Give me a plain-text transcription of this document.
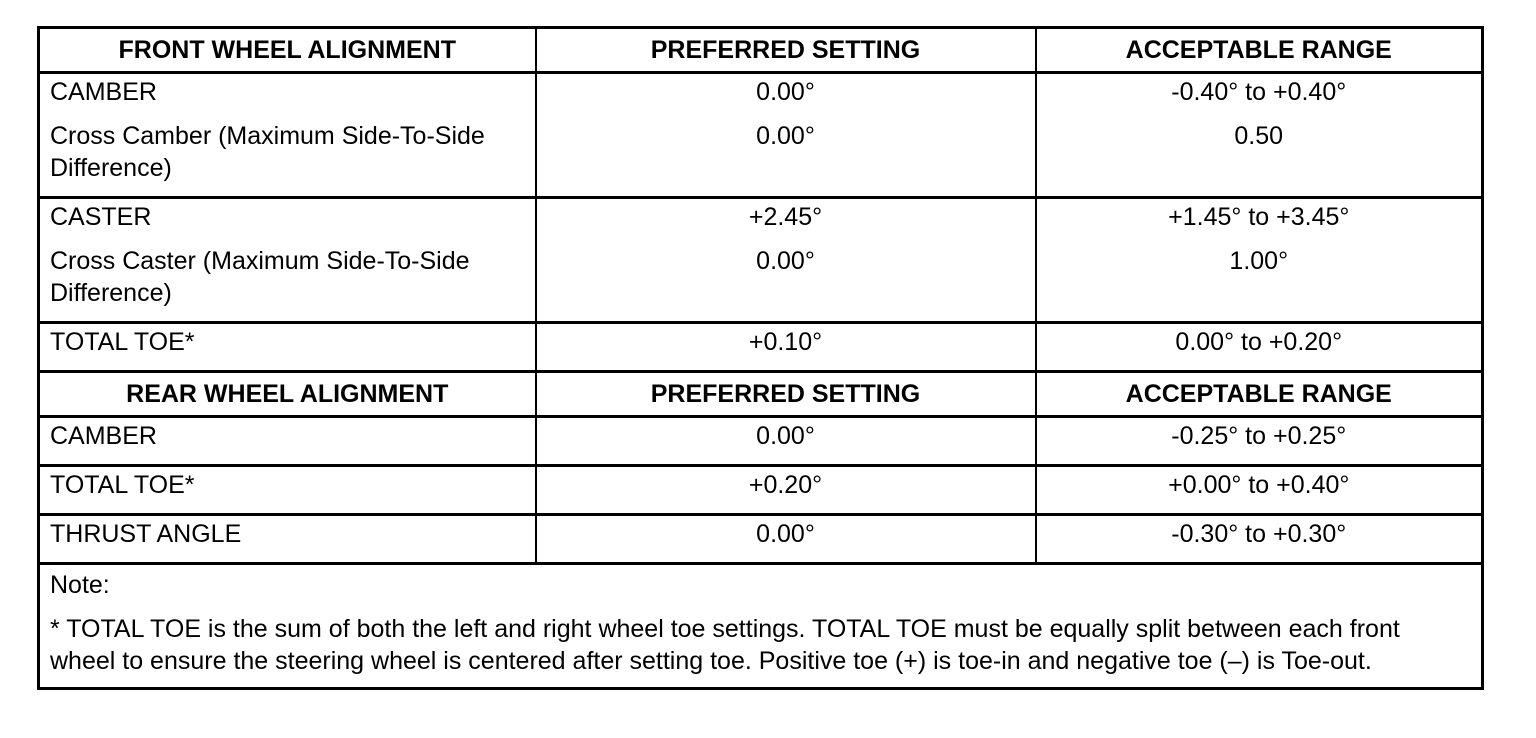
FRONT WHEEL ALIGNMENT	PREFERRED SETTING	ACCEPTABLE RANGE
CAMBER	0.00°	-0.40° to +0.40°
Cross Camber (Maximum Side-To-Side Difference)	0.00°	0.50
CASTER	+2.45°	+1.45° to +3.45°
Cross Caster (Maximum Side-To-Side Difference)	0.00°	1.00°
TOTAL TOE*	+0.10°	0.00° to +0.20°
REAR WHEEL ALIGNMENT	PREFERRED SETTING	ACCEPTABLE RANGE
CAMBER	0.00°	-0.25° to +0.25°
TOTAL TOE*	+0.20°	+0.00° to +0.40°
THRUST ANGLE	0.00°	-0.30° to +0.30°

Note:
* TOTAL TOE is the sum of both the left and right wheel toe settings. TOTAL TOE must be equally split between each front wheel to ensure the steering wheel is centered after setting toe. Positive toe (+) is toe-in and negative toe (–) is Toe-out.		
